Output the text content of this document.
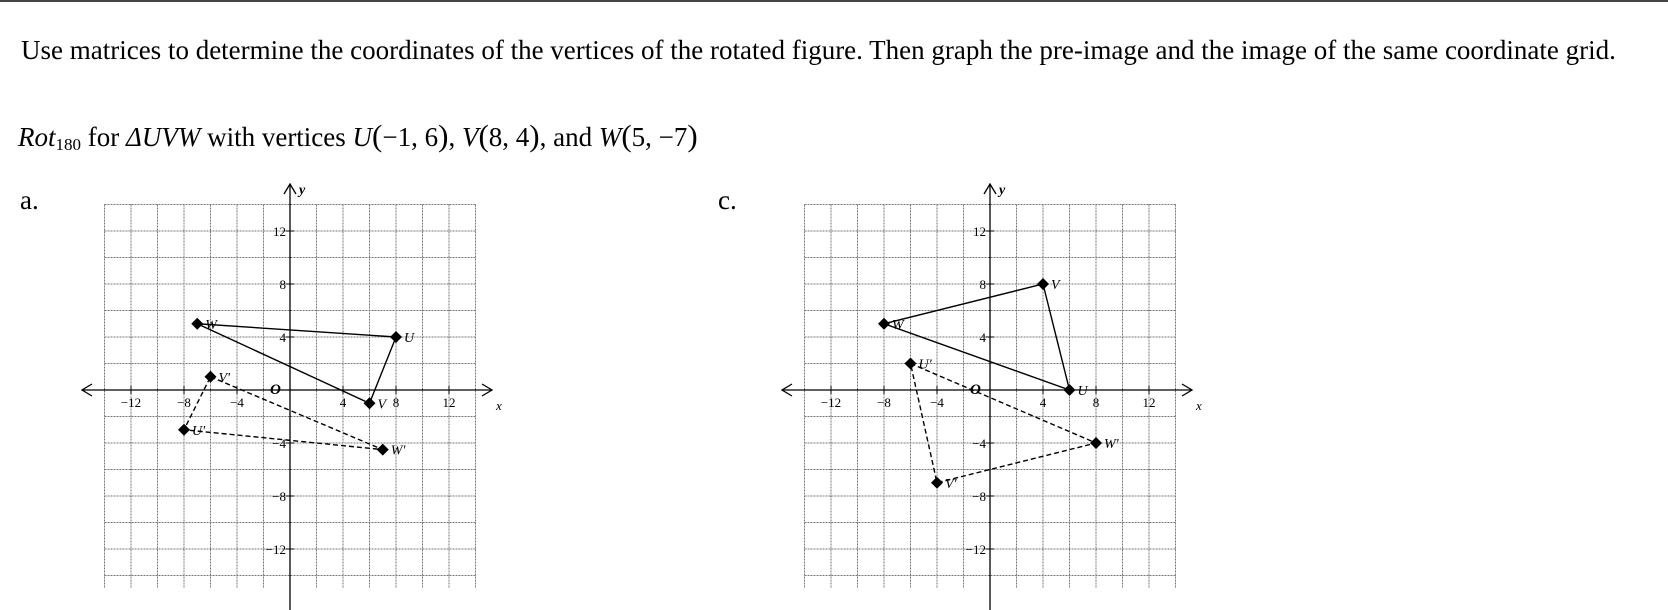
Use matrices to determine the coordinates of the vertices of the rotated figure. Then graph the pre-image and the image of the same coordinate grid.
Rot$_{180}$ for ΔUVW with vertices U(−1, 6), V(8, 4), and W(5, −7)
a.	c.
y
x
O
−12	−8	−4	4	8	12
12
8
4
−4
−8
−12
W
U
V
V'
W'
U'
y
x
O
−12	−8	−4	4	8	12
12
8
4
−4
−8
−12
W
V
U
U'
W'
V'
